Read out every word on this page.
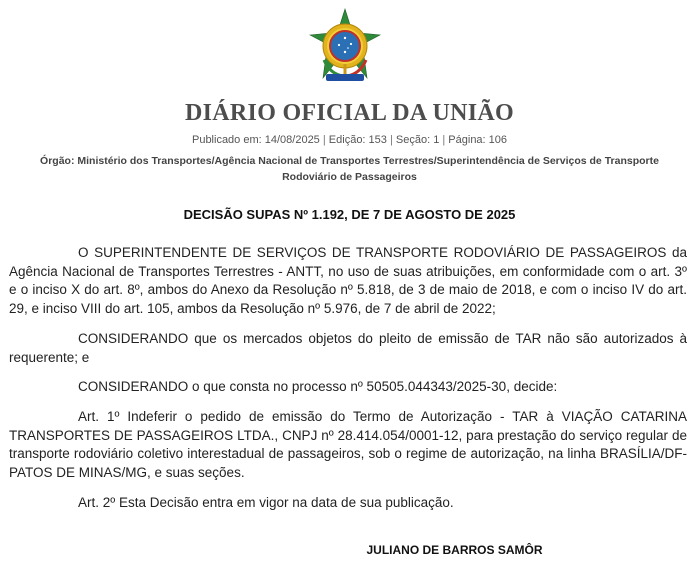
DIÁRIO OFICIAL DA UNIÃO
Publicado em: 14/08/2025 | Edição: 153 | Seção: 1 | Página: 106
Órgão: Ministério dos Transportes/Agência Nacional de Transportes Terrestres/Superintendência de Serviços de Transporte Rodoviário de Passageiros
DECISÃO SUPAS Nº 1.192, DE 7 DE AGOSTO DE 2025

O SUPERINTENDENTE DE SERVIÇOS DE TRANSPORTE RODOVIÁRIO DE PASSAGEIROS da Agência Nacional de Transportes Terrestres - ANTT, no uso de suas atribuições, em conformidade com o art. 3º e o inciso X do art. 8º, ambos do Anexo da Resolução nº 5.818, de 3 de maio de 2018, e com o inciso IV do art. 29, e inciso VIII do art. 105, ambos da Resolução nº 5.976, de 7 de abril de 2022;

CONSIDERANDO que os mercados objetos do pleito de emissão de TAR não são autorizados à requerente; e

CONSIDERANDO o que consta no processo nº 50505.044343/2025-30, decide:

Art. 1º Indeferir o pedido de emissão do Termo de Autorização - TAR à VIAÇÃO CATARINA TRANSPORTES DE PASSAGEIROS LTDA., CNPJ nº 28.414.054/0001-12, para prestação do serviço regular de transporte rodoviário coletivo interestadual de passageiros, sob o regime de autorização, na linha BRASÍLIA/DF-PATOS DE MINAS/MG, e suas seções.

Art. 2º Esta Decisão entra em vigor na data de sua publicação.

JULIANO DE BARROS SAMÔR
